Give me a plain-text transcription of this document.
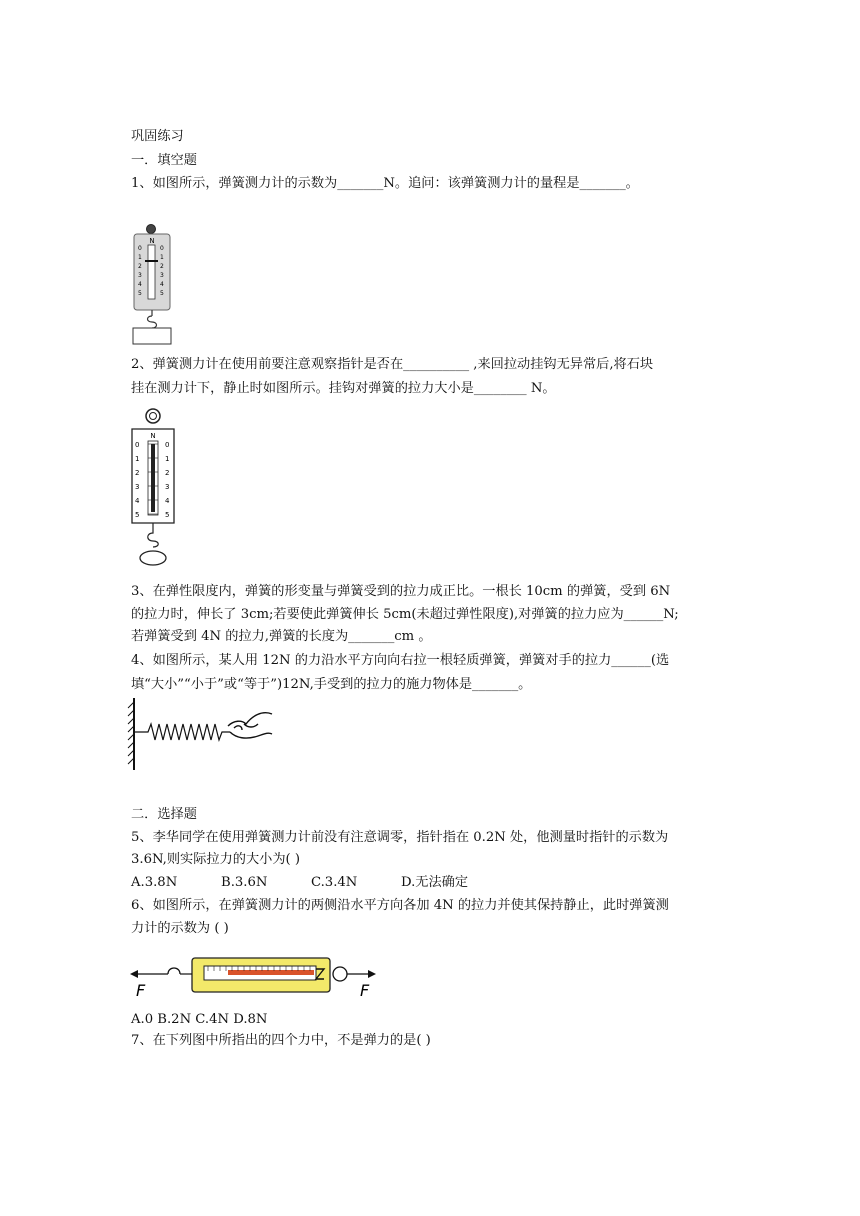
巩固练习
一．填空题
1、如图所示，弹簧测力计的示数为_______N。追问：该弹簧测力计的量程是_______。
N
0
1
2
3
4
5
0
1
2
3
4
5
2、弹簧测力计在使用前要注意观察指针是否在__________ ,来回拉动挂钩无异常后,将石块
挂在测力计下，静止时如图所示。挂钩对弹簧的拉力大小是________ N。
N
0
1
2
3
4
5
0
1
2
3
4
5
3、在弹性限度内，弹簧的形变量与弹簧受到的拉力成正比。一根长 10cm 的弹簧，受到 6N
的拉力时，伸长了 3cm;若要使此弹簧伸长 5cm(未超过弹性限度),对弹簧的拉力应为______N;
若弹簧受到 4N 的拉力,弹簧的长度为_______cm 。
4、如图所示，某人用 12N 的力沿水平方向向右拉一根轻质弹簧，弹簧对手的拉力______(选
填“大小”“小于”或“等于”)12N,手受到的拉力的施力物体是_______。
二．选择题
5、李华同学在使用弹簧测力计前没有注意调零，指针指在 0.2N 处，他测量时指针的示数为
3.6N,则实际拉力的大小为( )
A.3.8N	B.3.6N	C.3.4N	D.无法确定
6、如图所示，在弹簧测力计的两侧沿水平方向各加 4N 的拉力并使其保持静止，此时弹簧测
力计的示数为 ( )
F	F
A.0 B.2N C.4N D.8N
7、在下列图中所指出的四个力中，不是弹力的是( )
